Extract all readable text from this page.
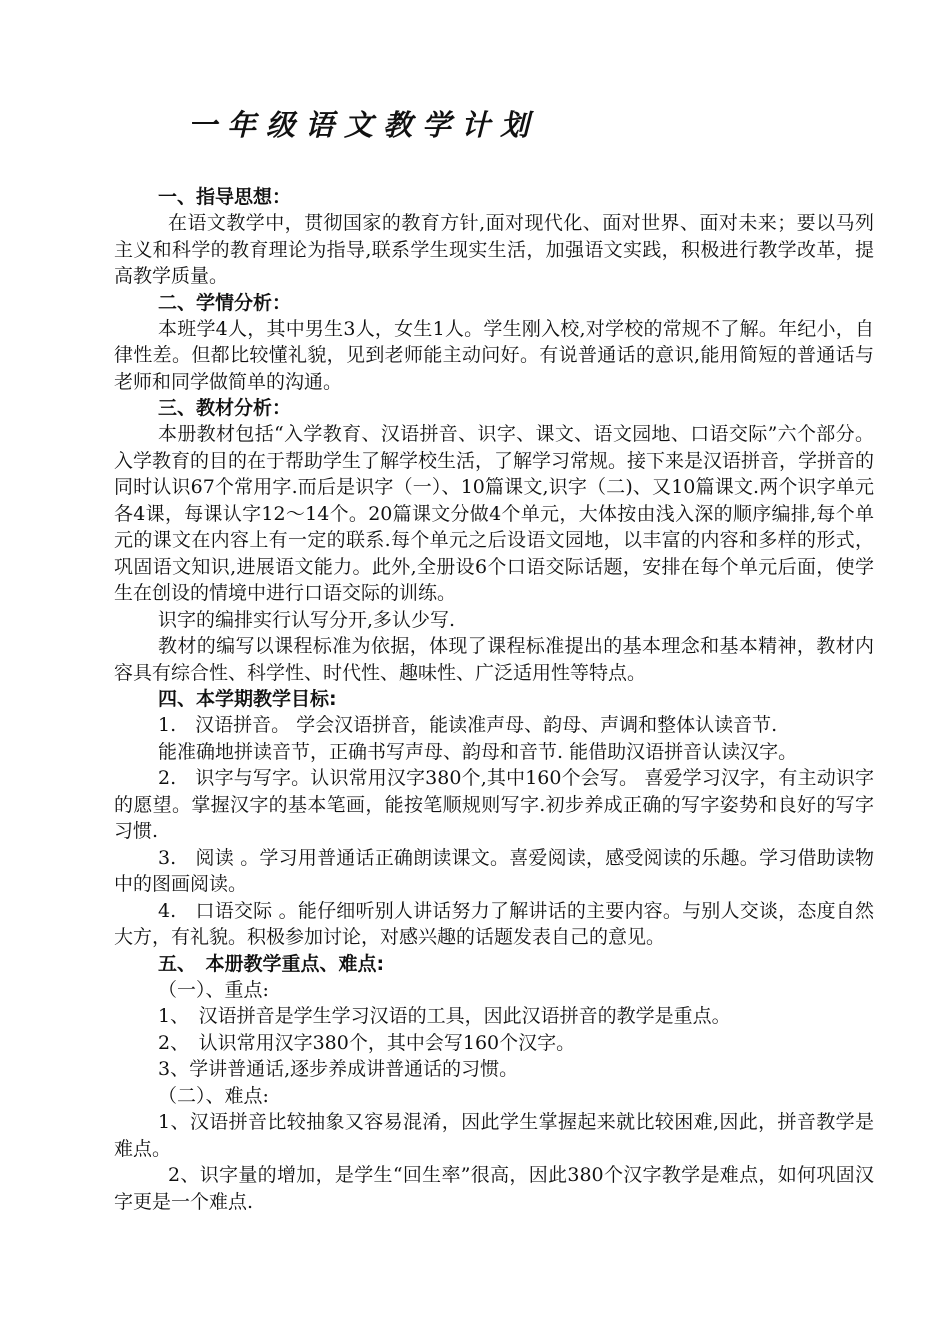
一年级语文教学计划
一、指导思想：

在语文教学中，贯彻国家的教育方针,面对现代化、面对世界、面对未来；要以马列主义和科学的教育理论为指导,联系学生现实生活，加强语文实践，积极进行教学改革，提高教学质量。

二、学情分析：

本班学4人，其中男生3人，女生1人。学生刚入校,对学校的常规不了解。年纪小，自律性差。但都比较懂礼貌，见到老师能主动问好。有说普通话的意识,能用简短的普通话与老师和同学做简单的沟通。

三、教材分析：

本册教材包括“入学教育、汉语拼音、识字、课文、语文园地、口语交际”六个部分。入学教育的目的在于帮助学生了解学校生活，了解学习常规。接下来是汉语拼音，学拼音的同时认识67个常用字.而后是识字（一）、10篇课文,识字（二)、又10篇课文.两个识字单元各4课，每课认字12～14个。20篇课文分做4个单元，大体按由浅入深的顺序编排,每个单元的课文在内容上有一定的联系.每个单元之后设语文园地，以丰富的内容和多样的形式，巩固语文知识,进展语文能力。此外,全册设6个口语交际话题，安排在每个单元后面，使学生在创设的情境中进行口语交际的训练。

识字的编排实行认写分开,多认少写.

教材的编写以课程标准为依据，体现了课程标准提出的基本理念和基本精神，教材内容具有综合性、科学性、时代性、趣味性、广泛适用性等特点。

四、本学期教学目标:

1.　汉语拼音。 学会汉语拼音，能读准声母、韵母、声调和整体认读音节.

能准确地拼读音节，正确书写声母、韵母和音节. 能借助汉语拼音认读汉字。

2.　识字与写字。认识常用汉字380个,其中160个会写。 喜爱学习汉字，有主动识字的愿望。掌握汉字的基本笔画，能按笔顺规则写字.初步养成正确的写字姿势和良好的写字习惯.

3.　阅读 。学习用普通话正确朗读课文。喜爱阅读，感受阅读的乐趣。学习借助读物中的图画阅读。

4.　口语交际 。能仔细听别人讲话努力了解讲话的主要内容。与别人交谈，态度自然大方，有礼貌。积极参加讨论，对感兴趣的话题发表自己的意见。

五、　本册教学重点、难点:
（一）、重点:
1、　汉语拼音是学生学习汉语的工具，因此汉语拼音的教学是重点。
2、　认识常用汉字380个，其中会写160个汉字。
3、学讲普通话,逐步养成讲普通话的习惯。
（二）、难点:

1、汉语拼音比较抽象又容易混淆，因此学生掌握起来就比较困难,因此，拼音教学是难点。

2、识字量的增加，是学生“回生率”很高，因此380个汉字教学是难点，如何巩固汉字更是一个难点.
